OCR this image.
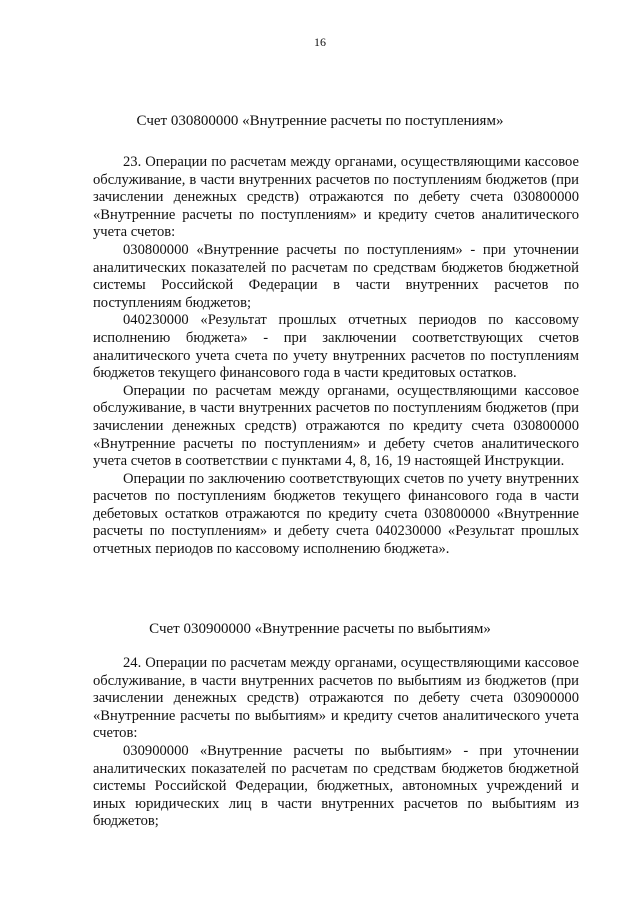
16
Счет 030800000 «Внутренние расчеты по поступлениям»

23. Операции по расчетам между органами, осуществляющими кассовое обслуживание, в части внутренних расчетов по поступлениям бюджетов (при зачислении денежных средств) отражаются по дебету счета 030800000 «Внутренние расчеты по поступлениям» и кредиту счетов аналитического учета счетов:

030800000 «Внутренние расчеты по поступлениям» - при уточнении аналитических показателей по расчетам по средствам бюджетов бюджетной системы Российской Федерации в части внутренних расчетов по поступлениям бюджетов;

040230000 «Результат прошлых отчетных периодов по кассовому исполнению бюджета» - при заключении соответствующих счетов аналитического учета счета по учету внутренних расчетов по поступлениям бюджетов текущего финансового года в части кредитовых остатков.

Операции по расчетам между органами, осуществляющими кассовое обслуживание, в части внутренних расчетов по поступлениям бюджетов (при зачислении денежных средств) отражаются по кредиту счета 030800000 «Внутренние расчеты по поступлениям» и дебету счетов аналитического учета счетов в соответствии с пунктами 4, 8, 16, 19 настоящей Инструкции.

Операции по заключению соответствующих счетов по учету внутренних расчетов по поступлениям бюджетов текущего финансового года в части дебетовых остатков отражаются по кредиту счета 030800000 «Внутренние расчеты по поступлениям» и дебету счета 040230000 «Результат прошлых отчетных периодов по кассовому исполнению бюджета».

Счет 030900000 «Внутренние расчеты по выбытиям»

24. Операции по расчетам между органами, осуществляющими кассовое обслуживание, в части внутренних расчетов по выбытиям из бюджетов (при зачислении денежных средств) отражаются по дебету счета 030900000 «Внутренние расчеты по выбытиям» и кредиту счетов аналитического учета счетов:

030900000 «Внутренние расчеты по выбытиям» - при уточнении аналитических показателей по расчетам по средствам бюджетов бюджетной системы Российской Федерации, бюджетных, автономных учреждений и иных юридических лиц в части внутренних расчетов по выбытиям из бюджетов;
